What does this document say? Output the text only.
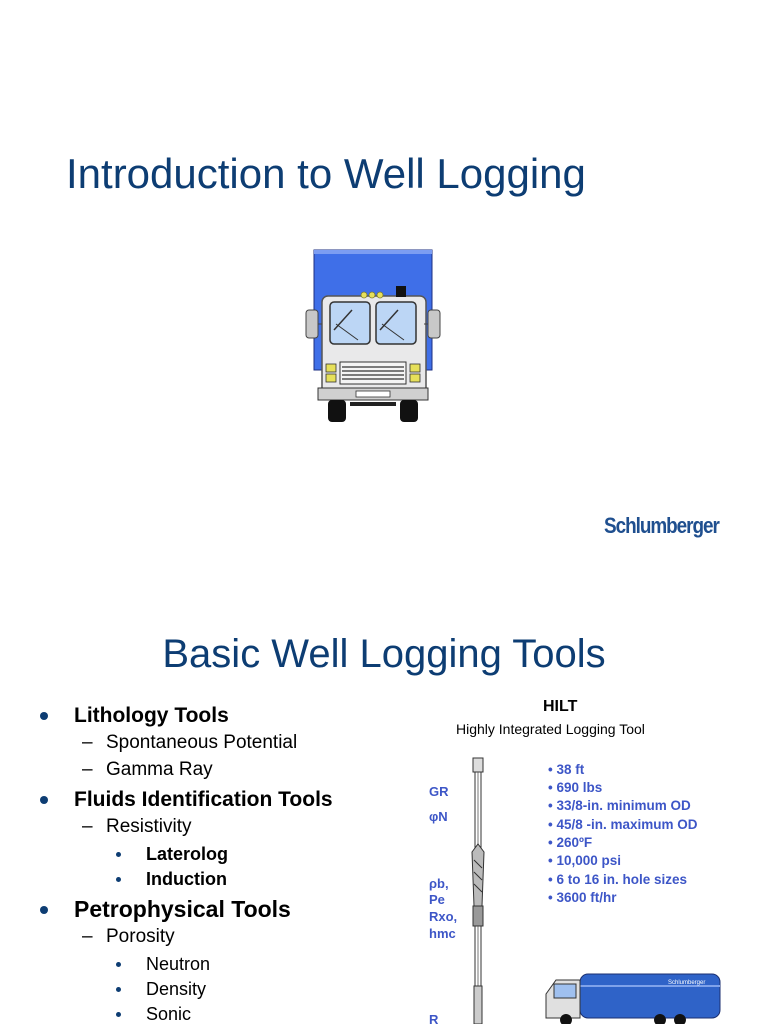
Introduction to Well Logging
Schlumberger
Basic Well Logging Tools
Lithology Tools
– Spontaneous Potential
– Gamma Ray
Fluids Identification Tools
– Resistivity
Laterolog
Induction
Petrophysical Tools
– Porosity
Neutron
Density
Sonic
HILT
Highly Integrated Logging Tool
GR
φN
ρb,
Pe
Rxo,
hmc
R
• 38 ft
• 690 lbs
• 33/8-in. minimum OD
• 45/8 -in. maximum OD
• 260ºF
• 10,000 psi
• 6 to 16 in. hole sizes
• 3600 ft/hr
Schlumberger
